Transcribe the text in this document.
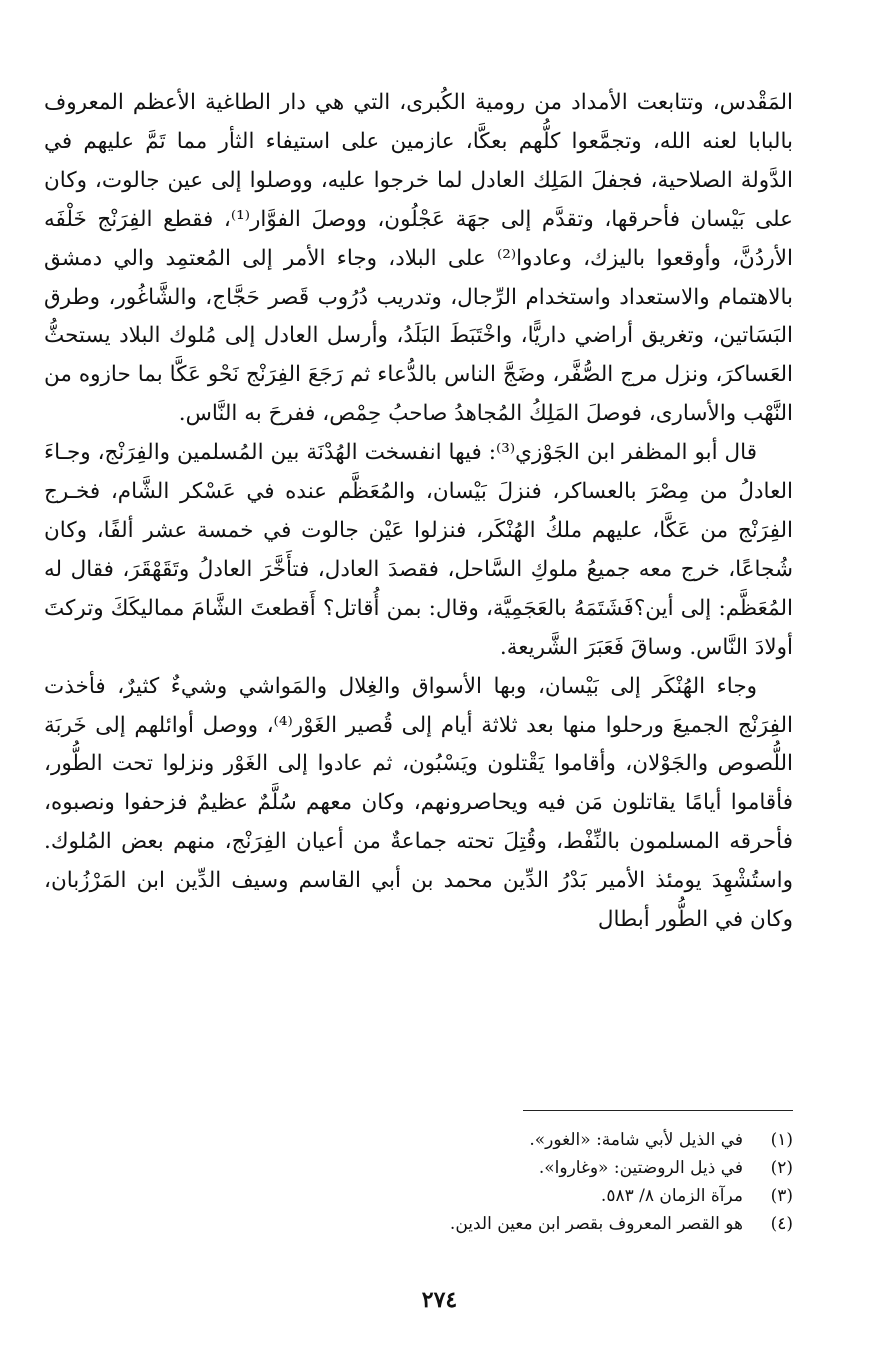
المَقْدس، وتتابعت الأمداد من رومية الكُبرى، التي هي دار الطاغية الأعظم المعروف بالبابا لعنه الله، وتجمَّعوا كلُّهم بعكَّا، عازمين على استيفاء الثأر مما تَمَّ عليهم في الدَّولة الصلاحية، فجفلَ المَلِك العادل لما خرجوا عليه، ووصلوا إلى عين جالوت، وكان على بَيْسان فأحرقها، وتقدَّم إلى جهَة عَجْلُون، ووصلَ الفوَّار⁽¹⁾، فقطع الفِرَنْج خَلْفَه الأردُنَّ، وأوقعوا باليزك، وعادوا⁽²⁾ على البلاد، وجاء الأمر إلى المُعتمِد والي دمشق بالاهتمام والاستعداد واستخدام الرِّجال، وتدريب دُرُوب قَصر حَجَّاج، والشَّاغُور، وطرق البَسَاتين، وتغريق أراضي داريًّا، واخْتَبَطَ البَلَدُ، وأرسل العادل إلى مُلوك البلاد يستحثُّ العَساكرَ، ونزل مرج الصُّفَّر، وضَجَّ الناس بالدُّعاء ثم رَجَعَ الفِرَنْج نَحْو عَكَّا بما حازوه من النَّهْب والأسارى، فوصلَ المَلِكُ المُجاهدُ صاحبُ حِمْص، ففرحَ به النَّاس.

قال أبو المظفر ابن الجَوْزي⁽³⁾: فيها انفسخت الهُدْنَة بين المُسلمين والفِرَنْج، وجـاءَ العادلُ من مِصْرَ بالعساكر، فنزلَ بَيْسان، والمُعَظَّم عنده في عَسْكر الشَّام، فخـرج الفِرَنْج من عَكَّا، عليهم ملكُ الهُنْكَر، فنزلوا عَيْن جالوت في خمسة عشر ألفًا، وكان شُجاعًا، خرج معه جميعُ ملوكِ السَّاحل، فقصدَ العادل، فتأَخَّرَ العادلُ وتَقَهْقَرَ، فقال له المُعَظَّم: إلى أين؟فَشَتَمَهُ بالعَجَمِيَّة، وقال: بمن أُقاتل؟ أَقطعتَ الشَّامَ مماليكَكَ وتركتَ أولادَ النَّاس. وساقَ فَعَبَرَ الشَّريعة.

وجاء الهُنْكَر إلى بَيْسان، وبها الأسواق والغِلال والمَواشي وشيءٌ كثيرٌ، فأخذت الفِرَنْج الجميعَ ورحلوا منها بعد ثلاثة أيام إلى قُصير الغَوْر⁽⁴⁾، ووصل أوائلهم إلى خَربَة اللُّصوص والجَوْلان، وأقاموا يَقْتلون ويَسْبُون، ثم عادوا إلى الغَوْر ونزلوا تحت الطُّور، فأقاموا أيامًا يقاتلون مَن فيه ويحاصرونهم، وكان معهم سُلَّمٌ عظيمٌ فزحفوا ونصبوه، فأحرقه المسلمون بالنِّفْط، وقُتِلَ تحته جماعةٌ من أعيان الفِرَنْج، منهم بعض المُلوك. واستُشْهِدَ يومئذ الأمير بَدْرُ الدِّين محمد بن أبي القاسم وسيف الدِّين ابن المَرْزُبان، وكان في الطُّور أبطال

(١)
في الذيل لأبي شامة: «الغور».
(٢)
في ذيل الروضتين: «وغاروا».
(٣)
مرآة الزمان ٨/ ٥٨٣.
(٤)
هو القصر المعروف بقصر ابن معين الدين.
٢٧٤
